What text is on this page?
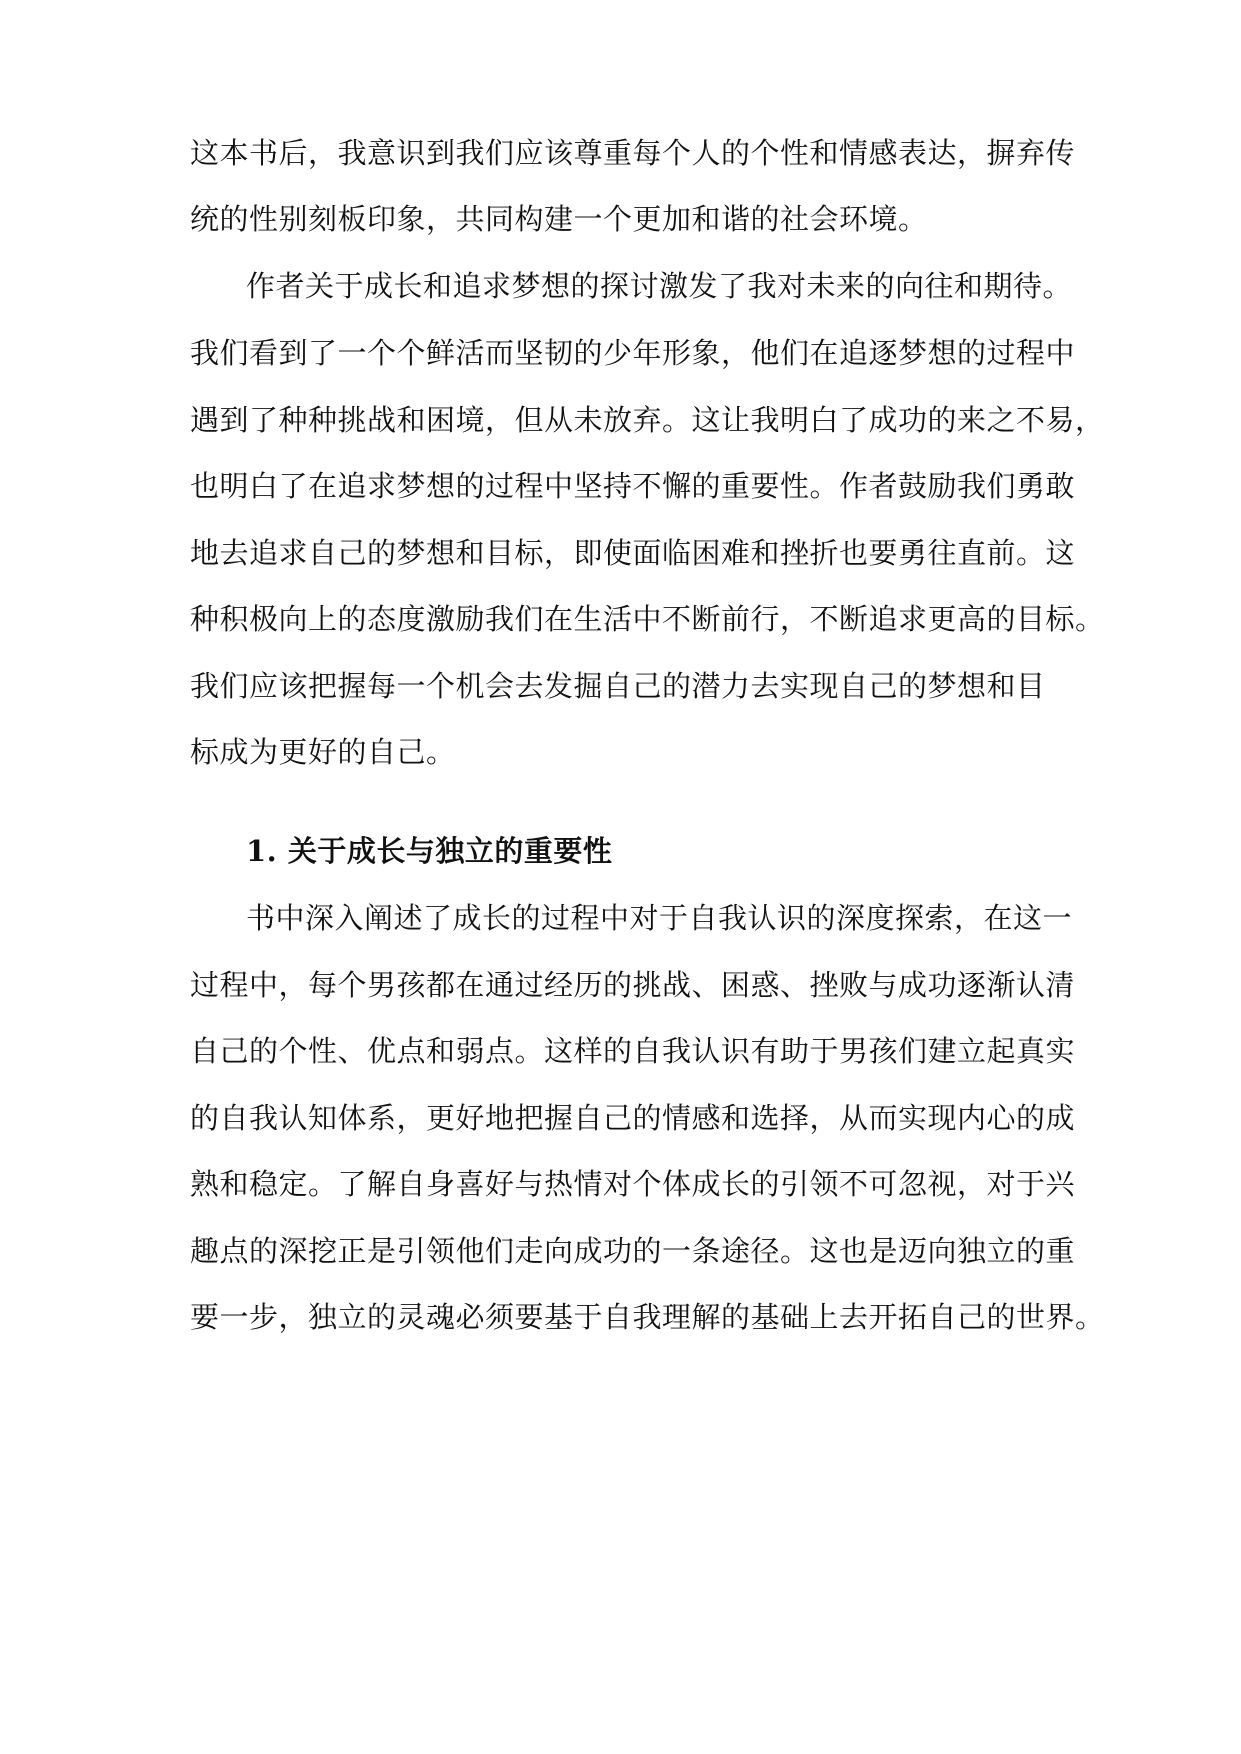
这本书后，我意识到我们应该尊重每个人的个性和情感表达，摒弃传
统的性别刻板印象，共同构建一个更加和谐的社会环境。
作者关于成长和追求梦想的探讨激发了我对未来的向往和期待。
我们看到了一个个鲜活而坚韧的少年形象，他们在追逐梦想的过程中
遇到了种种挑战和困境，但从未放弃。这让我明白了成功的来之不易，
也明白了在追求梦想的过程中坚持不懈的重要性。作者鼓励我们勇敢
地去追求自己的梦想和目标，即使面临困难和挫折也要勇往直前。这
种积极向上的态度激励我们在生活中不断前行，不断追求更高的目标。
我们应该把握每一个机会去发掘自己的潜力去实现自己的梦想和目
标成为更好的自己。
1. 关于成长与独立的重要性
书中深入阐述了成长的过程中对于自我认识的深度探索，在这一
过程中，每个男孩都在通过经历的挑战、困惑、挫败与成功逐渐认清
自己的个性、优点和弱点。这样的自我认识有助于男孩们建立起真实
的自我认知体系，更好地把握自己的情感和选择，从而实现内心的成
熟和稳定。了解自身喜好与热情对个体成长的引领不可忽视，对于兴
趣点的深挖正是引领他们走向成功的一条途径。这也是迈向独立的重
要一步，独立的灵魂必须要基于自我理解的基础上去开拓自己的世界。
